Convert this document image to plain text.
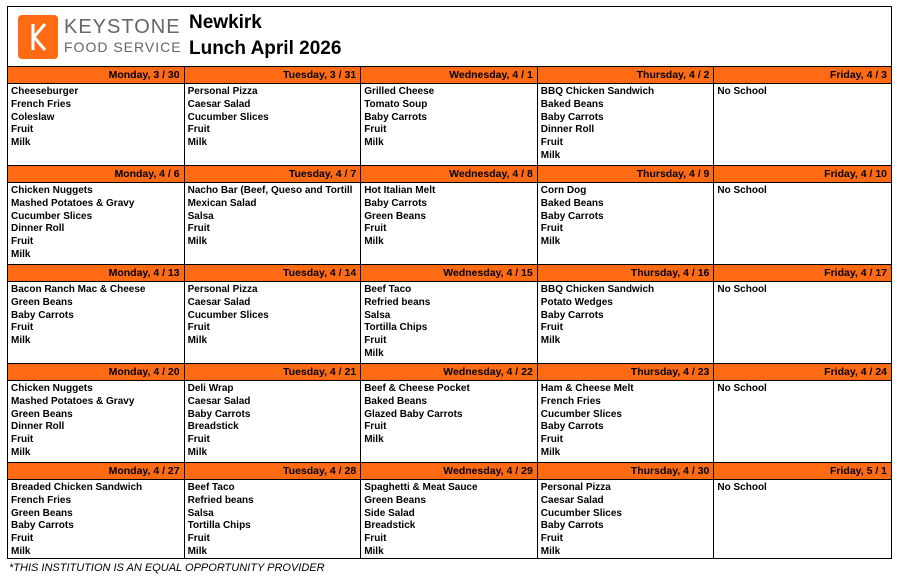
KEYSTONE
FOOD SERVICE
Newkirk
Lunch April 2026
Monday, 3 / 30
Cheeseburger
French Fries
Coleslaw
Fruit
Milk
Tuesday, 3 / 31
Personal Pizza
Caesar Salad
Cucumber Slices
Fruit
Milk
Wednesday, 4 / 1
Grilled Cheese
Tomato Soup
Baby Carrots
Fruit
Milk
Thursday, 4 / 2
BBQ Chicken Sandwich
Baked Beans
Baby Carrots
Dinner Roll
Fruit
Milk
Friday, 4 / 3
No School
Monday, 4 / 6
Chicken Nuggets
Mashed Potatoes & Gravy
Cucumber Slices
Dinner Roll
Fruit
Milk
Tuesday, 4 / 7
Nacho Bar (Beef, Queso and Tortill
Mexican Salad
Salsa
Fruit
Milk
Wednesday, 4 / 8
Hot Italian Melt
Baby Carrots
Green Beans
Fruit
Milk
Thursday, 4 / 9
Corn Dog
Baked Beans
Baby Carrots
Fruit
Milk
Friday, 4 / 10
No School
Monday, 4 / 13
Bacon Ranch Mac & Cheese
Green Beans
Baby Carrots
Fruit
Milk
Tuesday, 4 / 14
Personal Pizza
Caesar Salad
Cucumber Slices
Fruit
Milk
Wednesday, 4 / 15
Beef Taco
Refried beans
Salsa
Tortilla Chips
Fruit
Milk
Thursday, 4 / 16
BBQ Chicken Sandwich
Potato Wedges
Baby Carrots
Fruit
Milk
Friday, 4 / 17
No School
Monday, 4 / 20
Chicken Nuggets
Mashed Potatoes & Gravy
Green Beans
Dinner Roll
Fruit
Milk
Tuesday, 4 / 21
Deli Wrap
Caesar Salad
Baby Carrots
Breadstick
Fruit
Milk
Wednesday, 4 / 22
Beef & Cheese Pocket
Baked Beans
Glazed Baby Carrots
Fruit
Milk
Thursday, 4 / 23
Ham & Cheese Melt
French Fries
Cucumber Slices
Baby Carrots
Fruit
Milk
Friday, 4 / 24
No School
Monday, 4 / 27
Breaded Chicken Sandwich
French Fries
Green Beans
Baby Carrots
Fruit
Milk
Tuesday, 4 / 28
Beef Taco
Refried beans
Salsa
Tortilla Chips
Fruit
Milk
Wednesday, 4 / 29
Spaghetti & Meat Sauce
Green Beans
Side Salad
Breadstick
Fruit
Milk
Thursday, 4 / 30
Personal Pizza
Caesar Salad
Cucumber Slices
Baby Carrots
Fruit
Milk
Friday, 5 / 1
No School
*THIS INSTITUTION IS AN EQUAL OPPORTUNITY PROVIDER
